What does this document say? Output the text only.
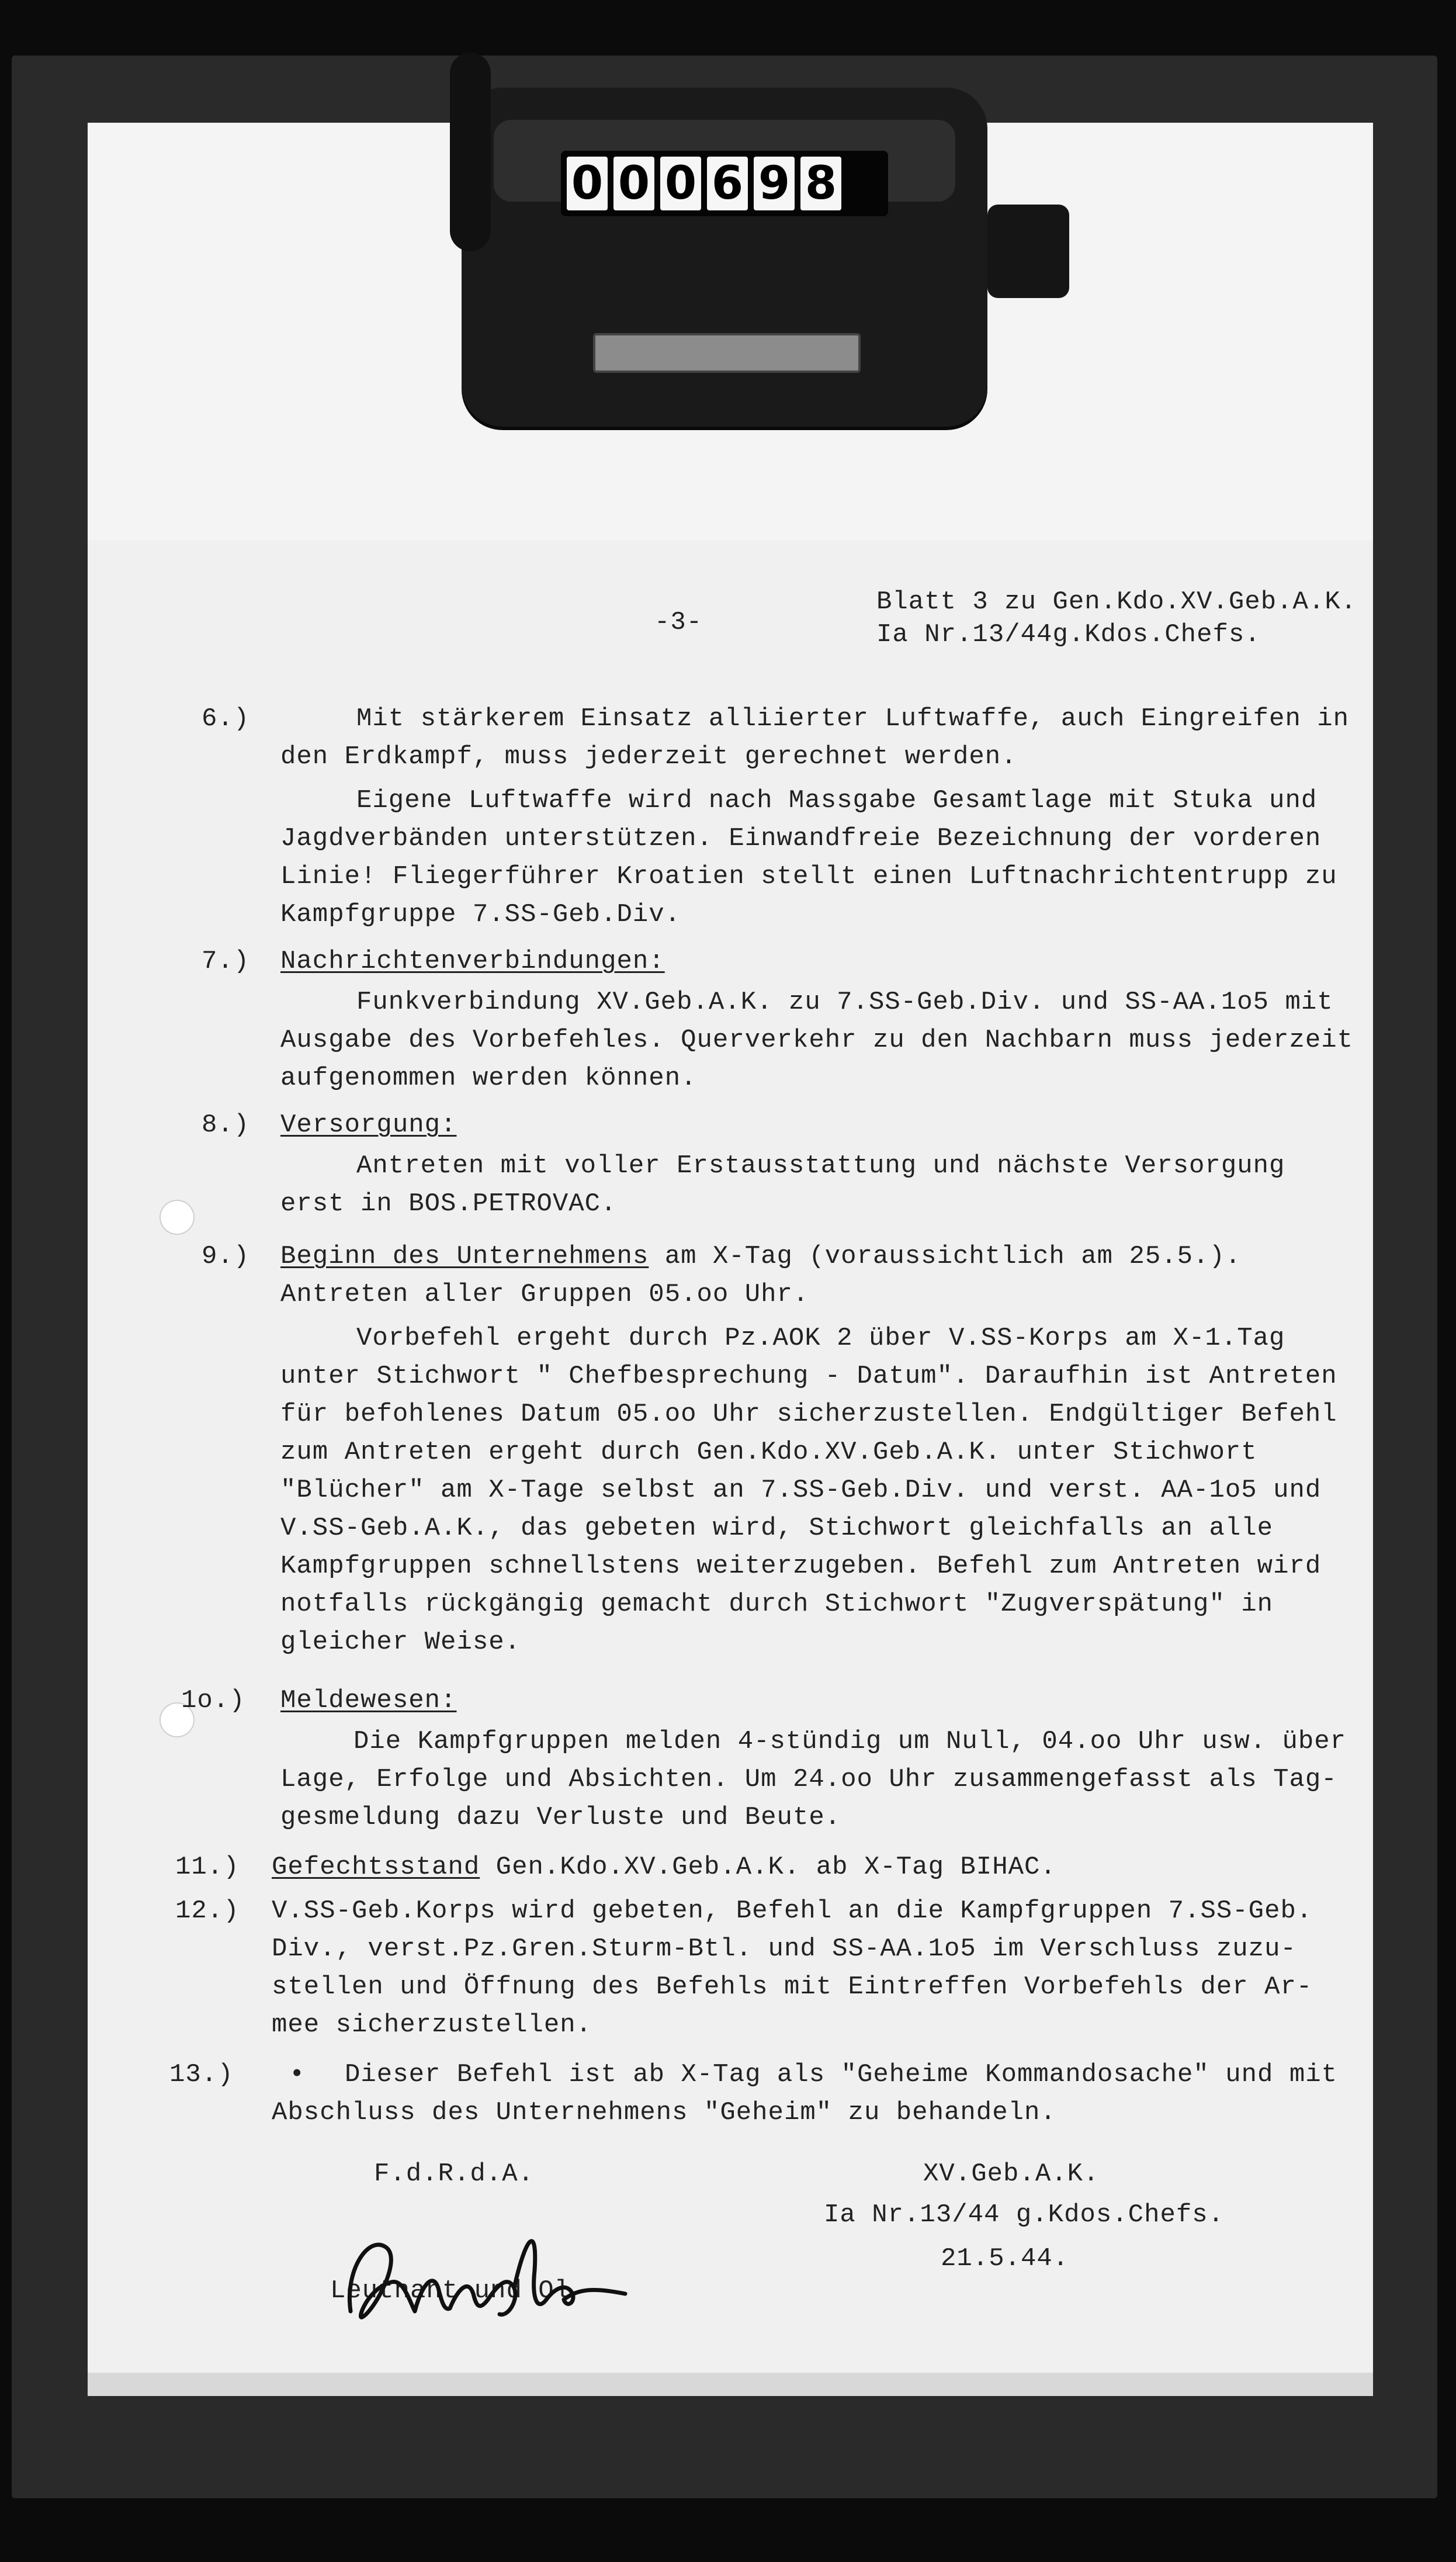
0 0 0 6 9 8
-3-
Blatt 3 zu Gen.Kdo.XV.Geb.A.K.
Ia Nr.13/44g.Kdos.Chefs.
6.)	Mit stärkerem Einsatz alliierter Luftwaffe, auch Eingreifen in
den Erdkampf, muss jederzeit gerechnet werden.
Eigene Luftwaffe wird nach Massgabe Gesamtlage mit Stuka und
Jagdverbänden unterstützen. Einwandfreie Bezeichnung der vorderen
Linie! Fliegerführer Kroatien stellt einen Luftnachrichtentrupp zu
Kampfgruppe 7.SS-Geb.Div.
7.) Nachrichtenverbindungen:
Funkverbindung XV.Geb.A.K. zu 7.SS-Geb.Div. und SS-AA.1o5 mit
Ausgabe des Vorbefehles. Querverkehr zu den Nachbarn muss jederzeit
aufgenommen werden können.
8.) Versorgung:
Antreten mit voller Erstausstattung und nächste Versorgung
erst in BOS.PETROVAC.
9.) Beginn des Unternehmens am X-Tag (voraussichtlich am 25.5.).
Antreten aller Gruppen 05.oo Uhr.
Vorbefehl ergeht durch Pz.AOK 2 über V.SS-Korps am X-1.Tag
unter Stichwort " Chefbesprechung - Datum". Daraufhin ist Antreten
für befohlenes Datum 05.oo Uhr sicherzustellen. Endgültiger Befehl
zum Antreten ergeht durch Gen.Kdo.XV.Geb.A.K. unter Stichwort
"Blücher" am X-Tage selbst an 7.SS-Geb.Div. und verst. AA-1o5 und
V.SS-Geb.A.K., das gebeten wird, Stichwort gleichfalls an alle
Kampfgruppen schnellstens weiterzugeben. Befehl zum Antreten wird
notfalls rückgängig gemacht durch Stichwort "Zugverspätung" in
gleicher Weise.
1o.) Meldewesen:
Die Kampfgruppen melden 4-stündig um Null, 04.oo Uhr usw. über
Lage, Erfolge und Absichten. Um 24.oo Uhr zusammengefasst als Tag-
gesmeldung dazu Verluste und Beute.
11.) Gefechtsstand Gen.Kdo.XV.Geb.A.K. ab X-Tag BIHAC.
12.) V.SS-Geb.Korps wird gebeten, Befehl an die Kampfgruppen 7.SS-Geb.
Div., verst.Pz.Gren.Sturm-Btl. und SS-AA.1o5 im Verschluss zuzu-
stellen und Öffnung des Befehls mit Eintreffen Vorbefehls der Ar-
mee sicherzustellen.
13.) • Dieser Befehl ist ab X-Tag als "Geheime Kommandosache" und mit
Abschluss des Unternehmens "Geheim" zu behandeln.
F.d.R.d.A.
Leutnant und Ol
XV.Geb.A.K.
Ia Nr.13/44 g.Kdos.Chefs.
21.5.44.
